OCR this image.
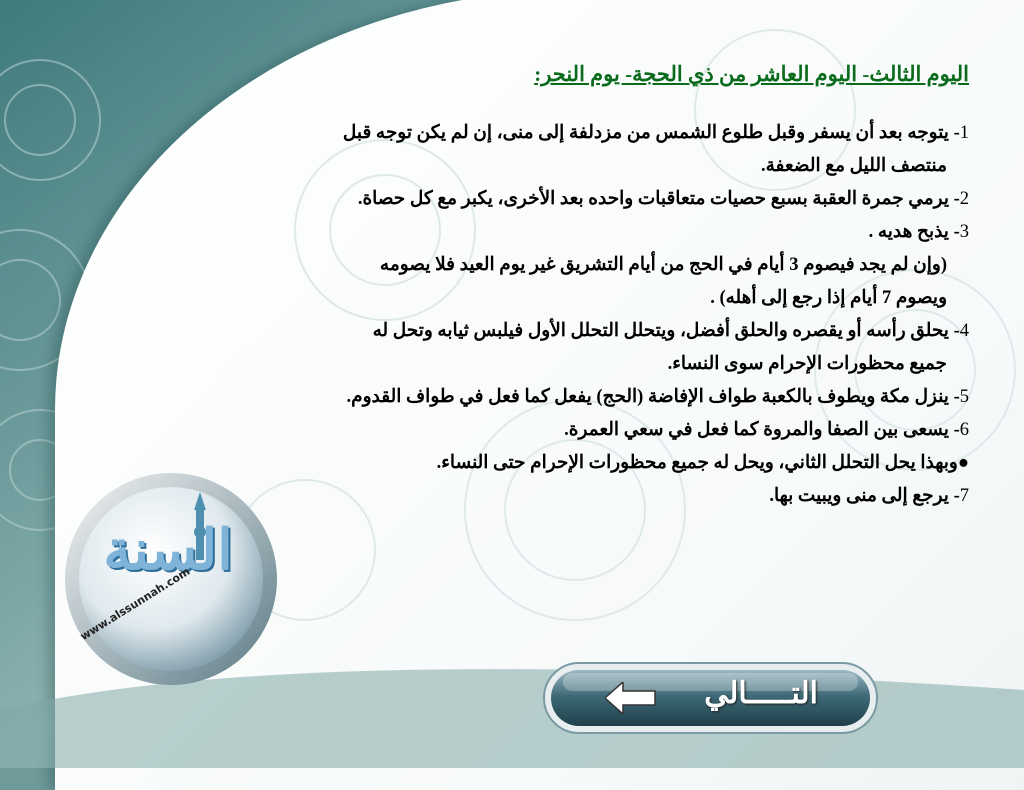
اليوم الثالث- اليوم العاشر من ذي الحجة- يوم النحر:
1- يتوجه بعد أن يسفر وقبل طلوع الشمس من مزدلفة إلى منى، إن لم يكن توجه قبل
منتصف الليل مع الضعفة.
2- يرمي جمرة العقبة بسبع حصيات متعاقبات واحده بعد الأخرى، يكبر مع كل حصاة.
3- يذبح هديه .
(وإن لم يجد فيصوم 3 أيام في الحج من أيام التشريق غير يوم العيد فلا يصومه
ويصوم 7 أيام إذا رجع إلى أهله) .
4- يحلق رأسه أو يقصره والحلق أفضل، ويتحلل التحلل الأول فيلبس ثيابه وتحل له
جميع محظورات الإحرام سوى النساء.
5- ينزل مكة ويطوف بالكعبة طواف الإفاضة (الحج) يفعل كما فعل في طواف القدوم.
6- يسعى بين الصفا والمروة كما فعل في سعي العمرة.
●وبهذا يحل التحلل الثاني، ويحل له جميع محظورات الإحرام حتى النساء.
7- يرجع إلى منى ويبيت بها.
السنة
www.alssunnah.com
التـــــالي
